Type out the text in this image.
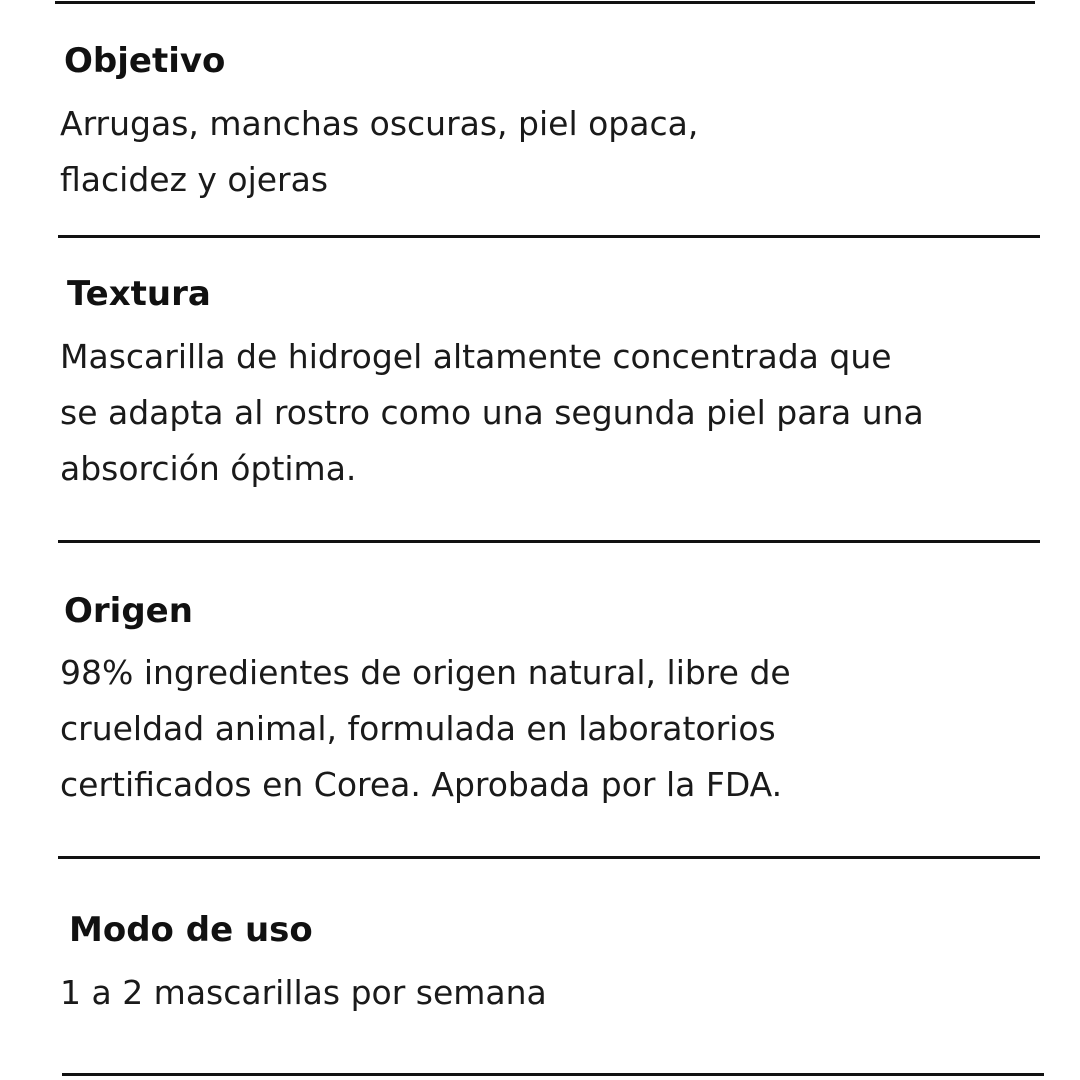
Objetivo

Arrugas, manchas oscuras, piel opaca,
flacidez y ojeras

Textura

Mascarilla de hidrogel altamente concentrada que
se adapta al rostro como una segunda piel para una
absorción óptima.

Origen

98% ingredientes de origen natural, libre de
crueldad animal, formulada en laboratorios
certificados en Corea. Aprobada por la FDA.

Modo de uso

1 a 2 mascarillas por semana
